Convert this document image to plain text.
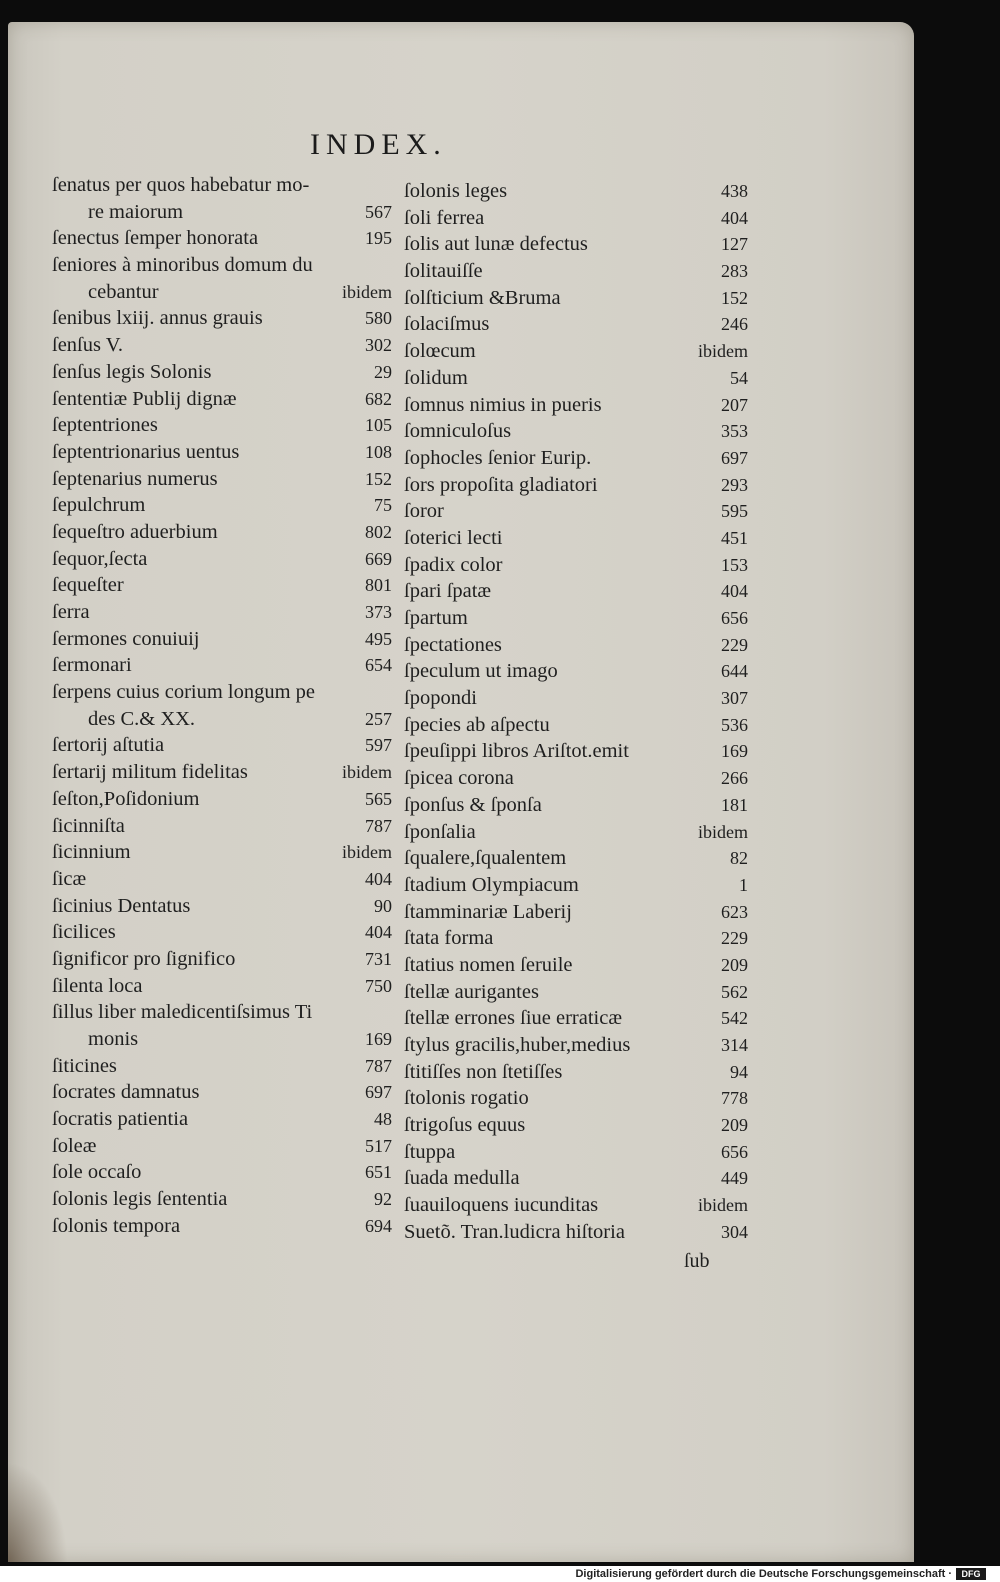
INDEX.
ſenatus per quos habebatur mo-
re maiorum	567
ſenectus ſemper honorata	195
ſeniores à minoribus domum du
cebantur	ibidem
ſenibus lxiij. annus grauis	580
ſenſus V.	302
ſenſus legis Solonis	29
ſententiæ Publij dignæ	682
ſeptentriones	105
ſeptentrionarius uentus	108
ſeptenarius numerus	152
ſepulchrum	75
ſequeſtro aduerbium	802
ſequor,ſecta	669
ſequeſter	801
ſerra	373
ſermones conuiuij	495
ſermonari	654
ſerpens cuius corium longum pe
des C.& XX.	257
ſertorij aſtutia	597
ſertarij militum fidelitas	ibidem
ſeſton,Poſidonium	565
ſicinniſta	787
ſicinnium	ibidem
ſicæ	404
ſicinius Dentatus	90
ſicilices	404
ſignificor pro ſignifico	731
ſilenta loca	750
ſillus liber maledicentiſsimus Ti
monis	169
ſiticines	787
ſocrates damnatus	697
ſocratis patientia	48
ſoleæ	517
ſole occaſo	651
ſolonis legis ſententia	92
ſolonis tempora	694
ſolonis leges	438
ſoli ferrea	404
ſolis aut lunæ defectus	127
ſolitauiſſe	283
ſolſticium &Bruma	152
ſolaciſmus	246
ſolœcum	ibidem
ſolidum	54
ſomnus nimius in pueris	207
ſomniculoſus	353
ſophocles ſenior Eurip.	697
ſors propoſita gladiatori	293
ſoror	595
ſoterici lecti	451
ſpadix color	153
ſpari ſpatæ	404
ſpartum	656
ſpectationes	229
ſpeculum ut imago	644
ſpopondi	307
ſpecies ab aſpectu	536
ſpeuſippi libros Ariſtot.emit	169
ſpicea corona	266
ſponſus & ſponſa	181
ſponſalia	ibidem
ſqualere,ſqualentem	82
ſtadium Olympiacum	1
ſtamminariæ Laberij	623
ſtata forma	229
ſtatius nomen ſeruile	209
ſtellæ aurigantes	562
ſtellæ errones ſiue erraticæ	542
ſtylus gracilis,huber,medius	314
ſtitiſſes non ſtetiſſes	94
ſtolonis rogatio	778
ſtrigoſus equus	209
ſtuppa	656
ſuada medulla	449
ſuauiloquens iucunditas	ibidem
Suetõ. Tran.ludicra hiſtoria	304
ſub
Digitalisierung gefördert durch die Deutsche Forschungsgemeinschaft ·	DFG
